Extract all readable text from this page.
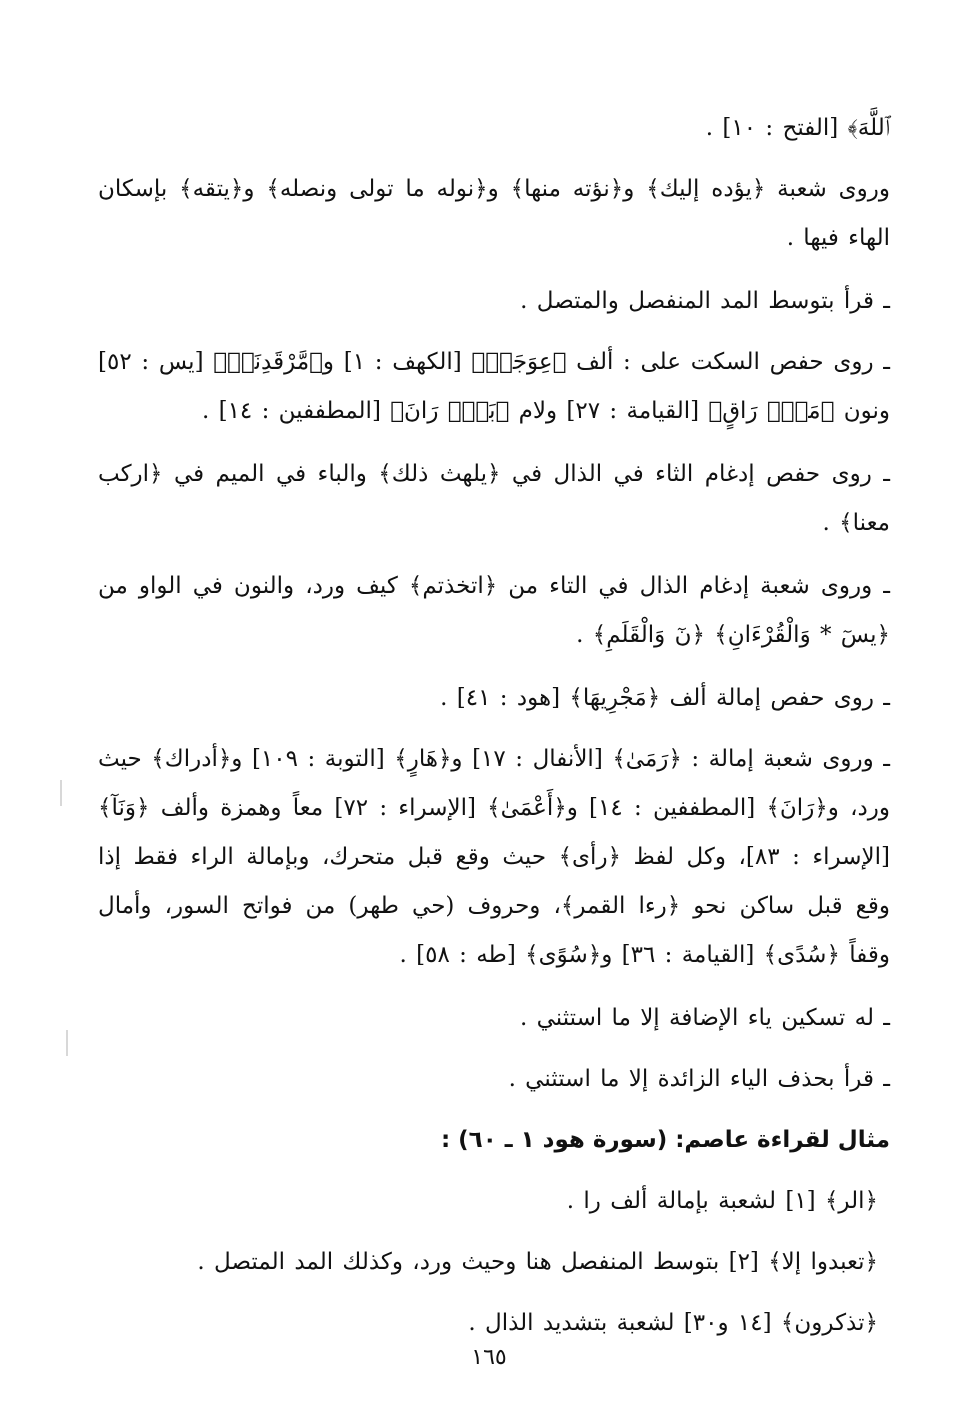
ﭐﻟﻠَّﻪَ﴾ [الفتح : ١٠] .

وروى شعبة ﴿يؤده إليك﴾ و﴿نؤته منها﴾ و﴿نوله ما تولى ونصله﴾ و﴿يتقه﴾ بإسكان الهاء فيها .

ـ قرأ بتوسط المد المنفصل والمتصل .

ـ روى حفص السكت على : ألف ﴿عِوَجَاۜ﴾ [الكهف : ١] و﴿مَّرْقَدِنَاۜ﴾ [يس : ٥٢] ونون ﴿مَنْۜ رَاقٍ﴾ [القيامة : ٢٧] ولام ﴿بَلْۜ رَانَ﴾ [المطففين : ١٤] .

ـ روى حفص إدغام الثاء في الذال في ﴿يلهث ذلك﴾ والباء في الميم في ﴿اركب معنا﴾ .

ـ وروى شعبة إدغام الذال في التاء من ﴿اتخذتم﴾ كيف ورد، والنون في الواو من ﴿يسٓ * وَالْقُرْءَانِ﴾ ﴿نٓ وَالْقَلَمِ﴾ .

ـ روى حفص إمالة ألف ﴿مَجْرِيهَا﴾ [هود : ٤١] .

ـ وروى شعبة إمالة : ﴿رَمَىٰ﴾ [الأنفال : ١٧] و﴿هَارٍ﴾ [التوبة : ١٠٩] و﴿أدراك﴾ حيث ورد، و﴿رَانَ﴾ [المطففين : ١٤] و﴿أَعْمَىٰ﴾ [الإسراء : ٧٢] معاً وهمزة وألف ﴿وَنَآ﴾ [الإسراء : ٨٣]، وكل لفظ ﴿رأى﴾ حيث وقع قبل متحرك، وبإمالة الراء فقط إذا وقع قبل ساكن نحو ﴿رءا القمر﴾، وحروف (حي طهر) من فواتح السور، وأمال وقفاً ﴿سُدًى﴾ [القيامة : ٣٦] و﴿سُوًى﴾ [طه : ٥٨] .

ـ له تسكين ياء الإضافة إلا ما استثني .

ـ قرأ بحذف الياء الزائدة إلا ما استثني .

مثال لقراءة عاصم: (سورة هود ١ ـ ٦٠) :

﴿الر﴾ [١] لشعبة بإمالة ألف را .

﴿تعبدوا إلا﴾ [٢] بتوسط المنفصل هنا وحيث ورد، وكذلك المد المتصل .

﴿تذكرون﴾ [١٤ و٣٠] لشعبة بتشديد الذال .

١٦٥
